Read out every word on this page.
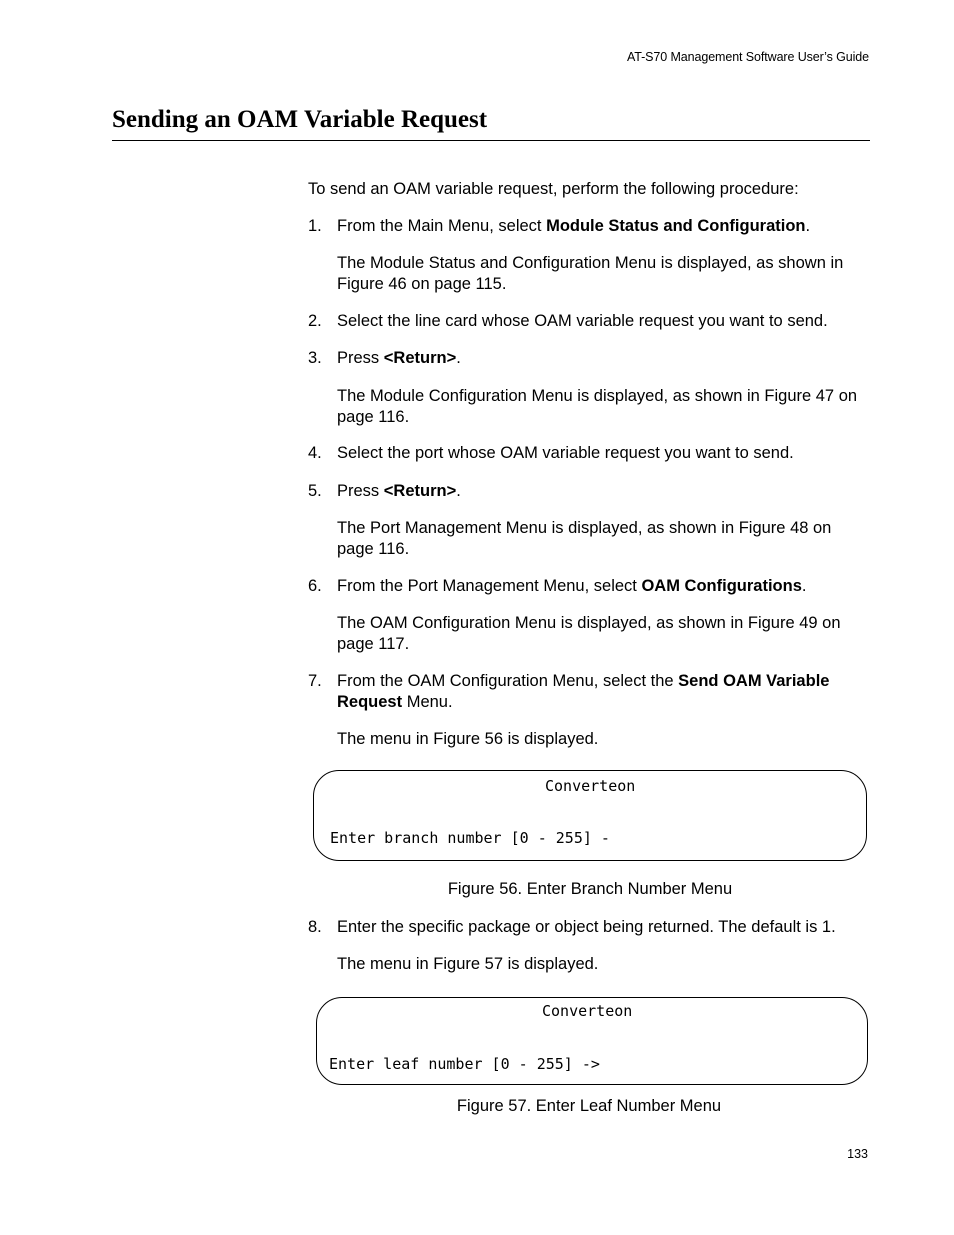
AT-S70 Management Software User’s Guide
Sending an OAM Variable Request
To send an OAM variable request, perform the following procedure:
1. From the Main Menu, select Module Status and Configuration.
The Module Status and Configuration Menu is displayed, as shown in Figure 46 on page 115.
2. Select the line card whose OAM variable request you want to send.
3. Press <Return>.
The Module Configuration Menu is displayed, as shown in Figure 47 on page 116.
4. Select the port whose OAM variable request you want to send.
5. Press <Return>.
The Port Management Menu is displayed, as shown in Figure 48 on page 116.
6. From the Port Management Menu, select OAM Configurations.
The OAM Configuration Menu is displayed, as shown in Figure 49 on page 117.
7. From the OAM Configuration Menu, select the Send OAM Variable Request Menu.
The menu in Figure 56 is displayed.
Converteon
Enter branch number [0 - 255] -
Figure 56. Enter Branch Number Menu
8. Enter the specific package or object being returned. The default is 1.
The menu in Figure 57 is displayed.
Converteon
Enter leaf number [0 - 255] ->
Figure 57. Enter Leaf Number Menu
133
